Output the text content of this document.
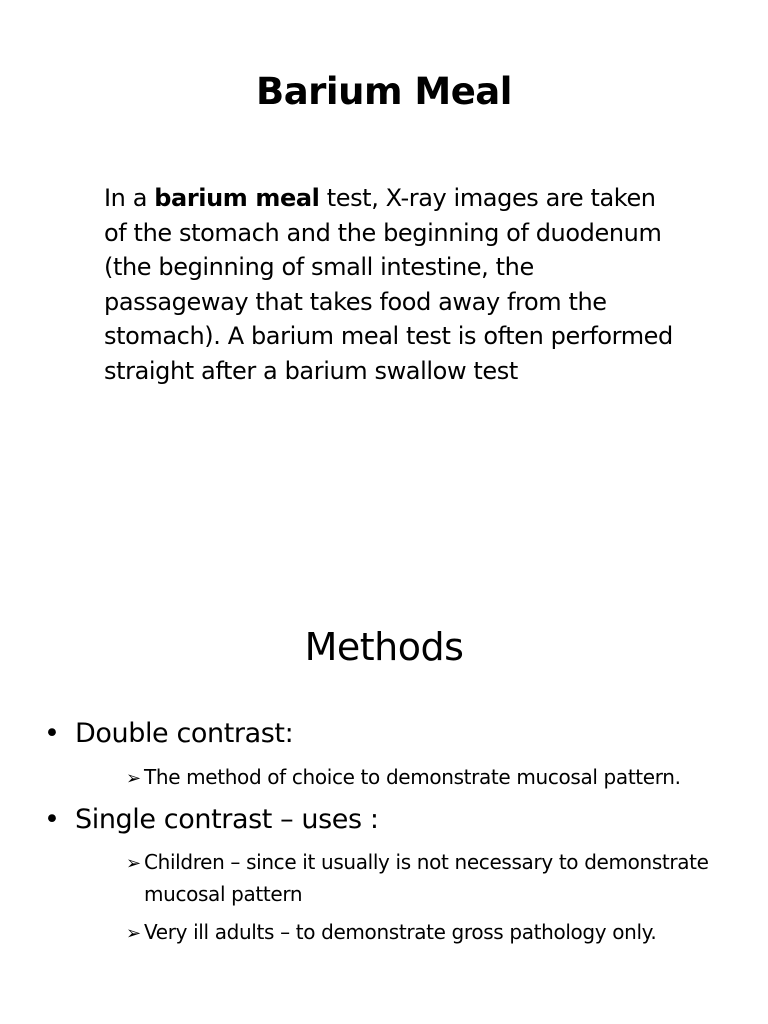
Barium Meal
In a barium meal test, X-ray images are taken of the stomach and the beginning of duodenum (the beginning of small intestine, the passageway that takes food away from the stomach). A barium meal test is often performed straight after a barium swallow test
Methods
• Double contrast:
➢ The method of choice to demonstrate mucosal pattern.
• Single contrast – uses :
➢ Children – since it usually is not necessary to demonstrate mucosal pattern
➢ Very ill adults – to demonstrate gross pathology only.
